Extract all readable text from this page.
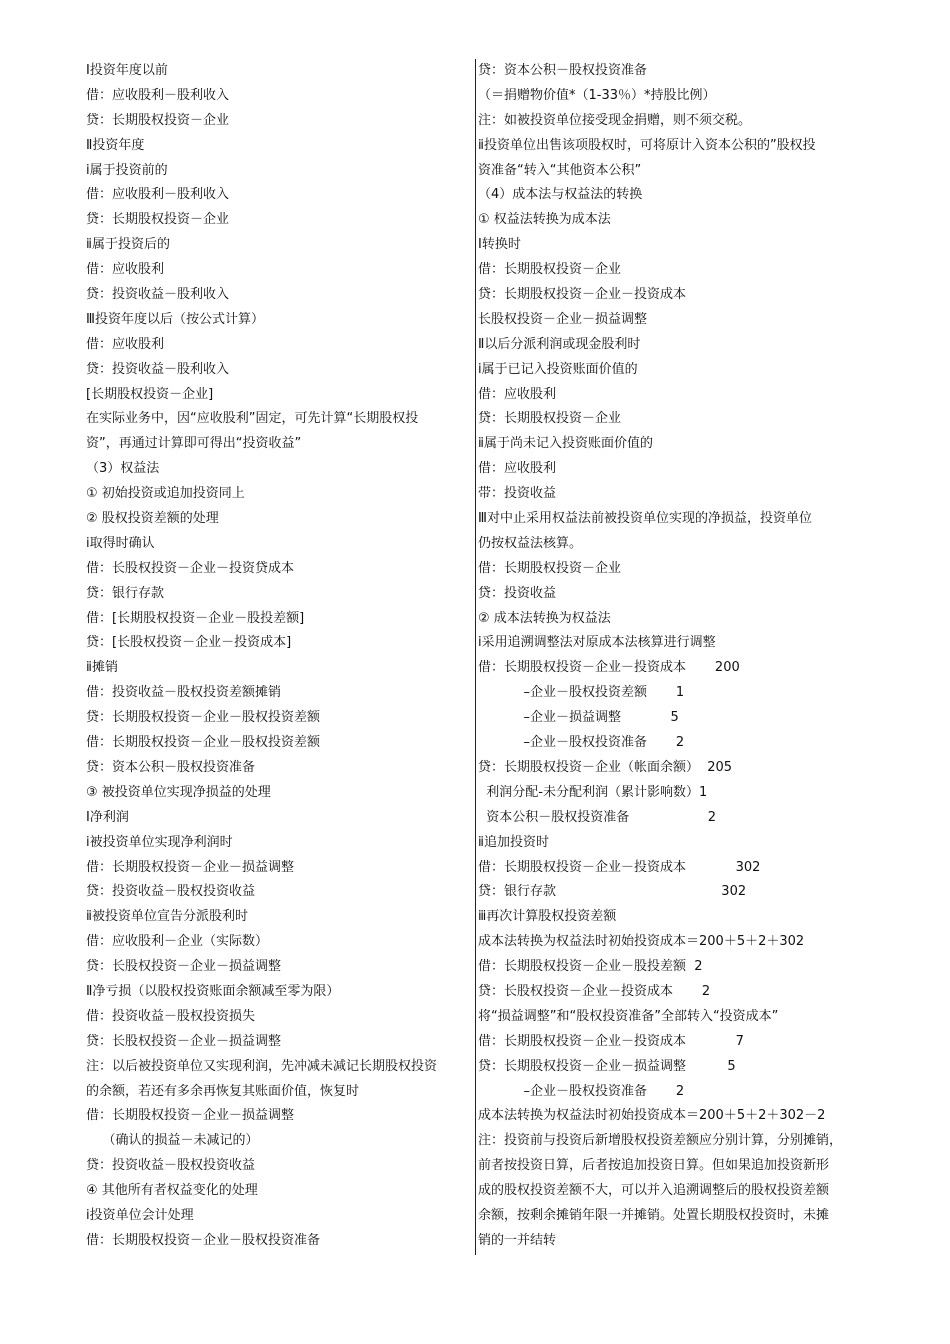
Ⅰ投资年度以前
借：应收股利－股利收入
贷：长期股权投资－企业
Ⅱ投资年度
ⅰ属于投资前的
借：应收股利－股利收入
贷：长期股权投资－企业
ⅱ属于投资后的
借：应收股利
贷：投资收益－股利收入
Ⅲ投资年度以后（按公式计算）
借：应收股利
贷：投资收益－股利收入
[长期股权投资－企业]
在实际业务中，因“应收股利”固定，可先计算“长期股权投
资”，再通过计算即可得出“投资收益”
（3）权益法
① 初始投资或追加投资同上
② 股权投资差额的处理
ⅰ取得时确认
借：长股权投资－企业－投资贷成本
贷：银行存款
借：[长期股权投资－企业－股投差额]
贷：[长股权投资－企业－投资成本]
ⅱ摊销
借：投资收益－股权投资差额摊销
贷：长期股权投资－企业－股权投资差额
借：长期股权投资－企业－股权投资差额
贷：资本公积－股权投资准备
③ 被投资单位实现净损益的处理
Ⅰ净利润
ⅰ被投资单位实现净利润时
借：长期股权投资－企业－损益调整
贷：投资收益－股权投资收益
ⅱ被投资单位宣告分派股利时
借：应收股利－企业（实际数）
贷：长股权投资－企业－损益调整
Ⅱ净亏损（以股权投资账面余额减至零为限）
借：投资收益－股权投资损失
贷：长股权投资－企业－损益调整
注：以后被投资单位又实现利润，先冲减未减记长期股权投资
的余额，若还有多余再恢复其账面价值，恢复时
借：长期股权投资－企业－损益调整
（确认的损益－未减记的）
贷：投资收益－股权投资收益
④ 其他所有者权益变化的处理
ⅰ投资单位会计处理
借：长期股权投资－企业－股权投资准备
贷：资本公积－股权投资准备
（＝捐赠物价值*（1-33％）*持股比例）
注：如被投资单位接受现金捐赠，则不须交税。
ⅱ投资单位出售该项股权时，可将原计入资本公积的”股权投
资准备“转入“其他资本公积”
（4）成本法与权益法的转换
① 权益法转换为成本法
Ⅰ转换时
借：长期股权投资－企业
贷：长期股权投资－企业－投资成本
长股权投资－企业－损益调整
Ⅱ以后分派利润或现金股利时
ⅰ属于已记入投资账面价值的
借：应收股利
贷：长期股权投资－企业
ⅱ属于尚未记入投资账面价值的
借：应收股利
带：投资收益
Ⅲ对中止采用权益法前被投资单位实现的净损益，投资单位
仍按权益法核算。
借：长期股权投资－企业
贷：投资收益
② 成本法转换为权益法
ⅰ采用追溯调整法对原成本法核算进行调整
借：长期股权投资－企业－投资成本       200
–企业－股权投资差额       1
–企业－损益调整            5
–企业－股权投资准备       2
贷：长期股权投资－企业（帐面余额）  205
利润分配-未分配利润（累计影响数）1
资本公积－股权投资准备                   2
ⅱ追加投资时
借：长期股权投资－企业－投资成本            302
贷：银行存款                                        302
ⅲ再次计算股权投资差额
成本法转换为权益法时初始投资成本＝200＋5＋2＋302
借：长期股权投资－企业－股投差额  2
贷：长股权投资－企业－投资成本       2
将“损益调整”和“股权投资准备”全部转入“投资成本”
借：长期股权投资－企业－投资成本            7
贷：长期股权投资－企业－损益调整          5
–企业－股权投资准备       2
成本法转换为权益法时初始投资成本＝200＋5＋2＋302－2
注：投资前与投资后新增股权投资差额应分别计算，分别摊销，
前者按投资日算，后者按追加投资日算。但如果追加投资新形
成的股权投资差额不大，可以并入追溯调整后的股权投资差额
余额，按剩余摊销年限一并摊销。处置长期股权投资时，未摊
销的一并结转
